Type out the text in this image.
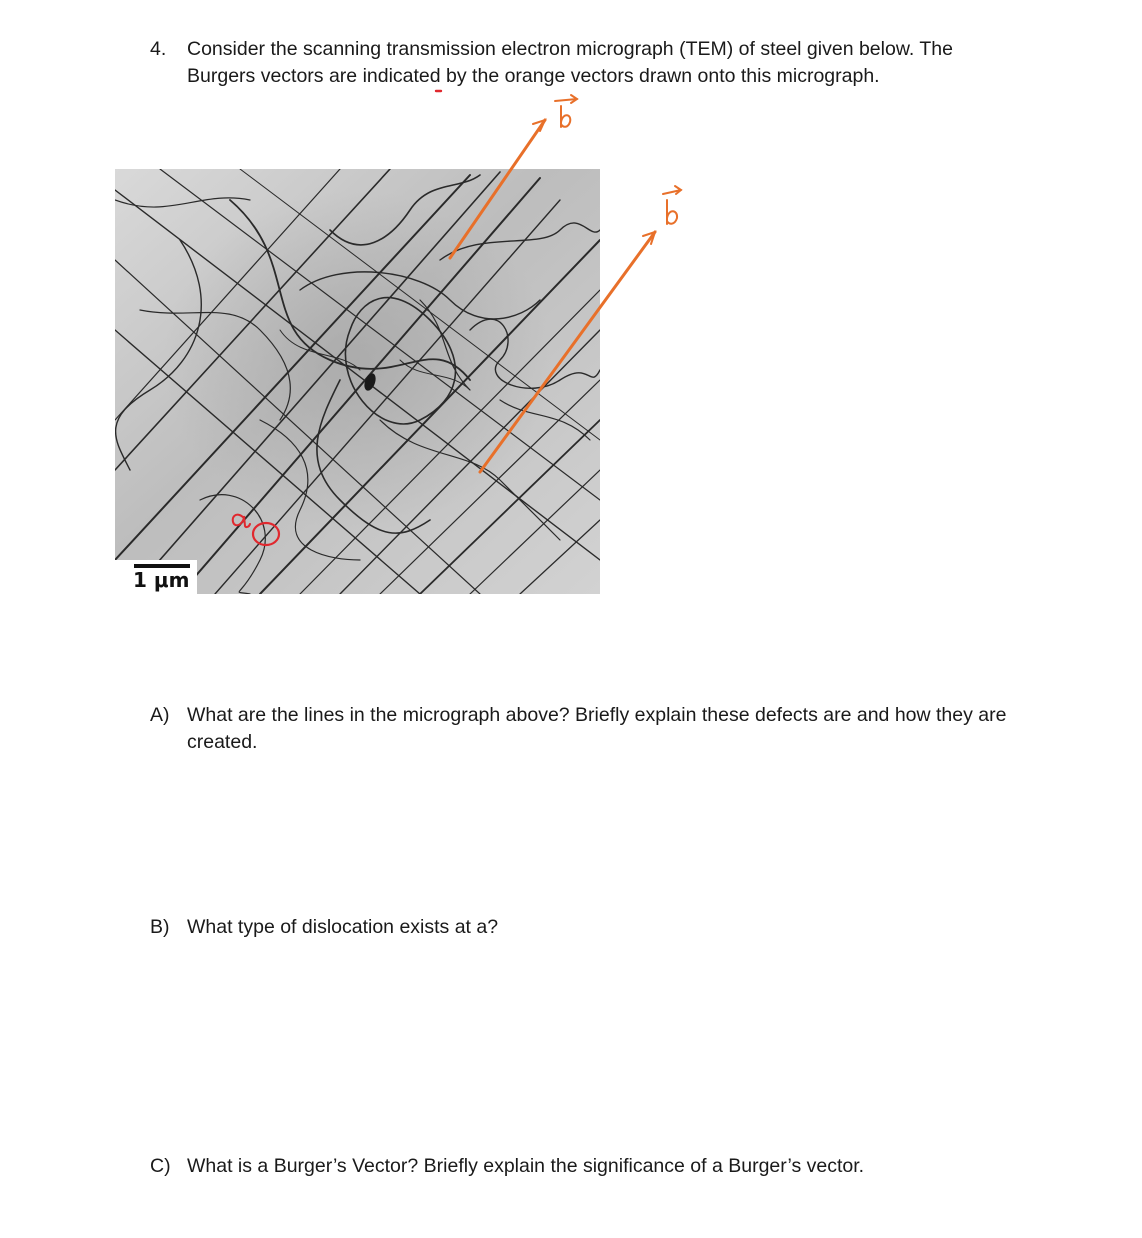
4. Consider the scanning transmission electron micrograph (TEM) of steel given below. The
Burgers vectors are indicated by the orange vectors drawn onto this micrograph.
1 μm
A) What are the lines in the micrograph above? Briefly explain these defects are and how they are
created.
B) What type of dislocation exists at a?
C) What is a Burger’s Vector? Briefly explain the significance of a Burger’s vector.
